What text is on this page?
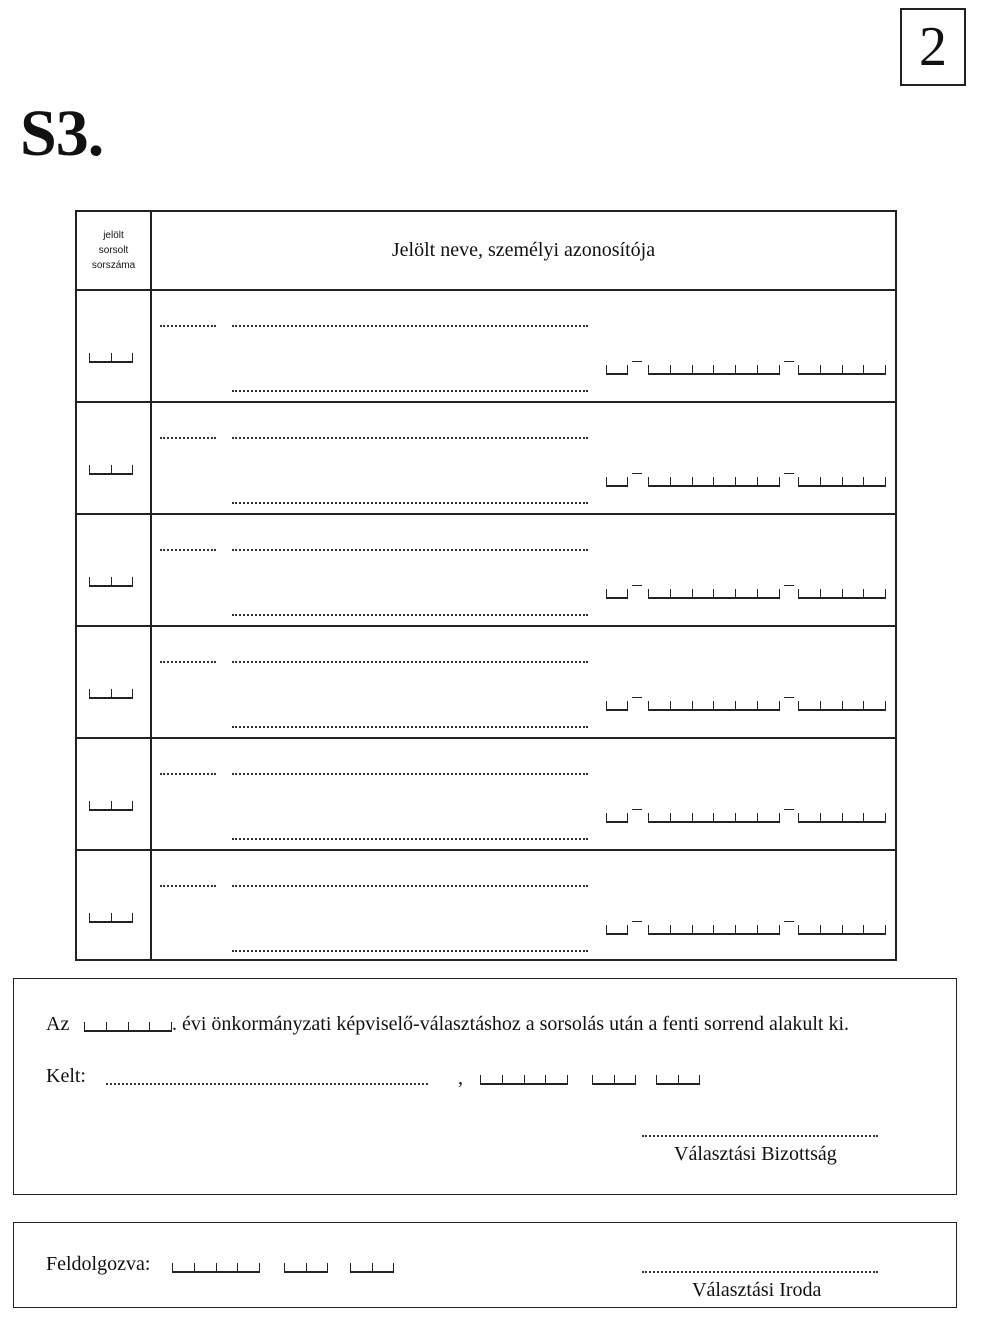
2
S3.
jelölt
sorsolt
sorszáma
Jelölt neve, személyi azonosítója
Az	. évi önkormányzati képviselő-választáshoz a sorsolás után a fenti sorrend alakult ki.
Kelt:	,
Választási Bizottság
Feldolgozva:
Választási Iroda
